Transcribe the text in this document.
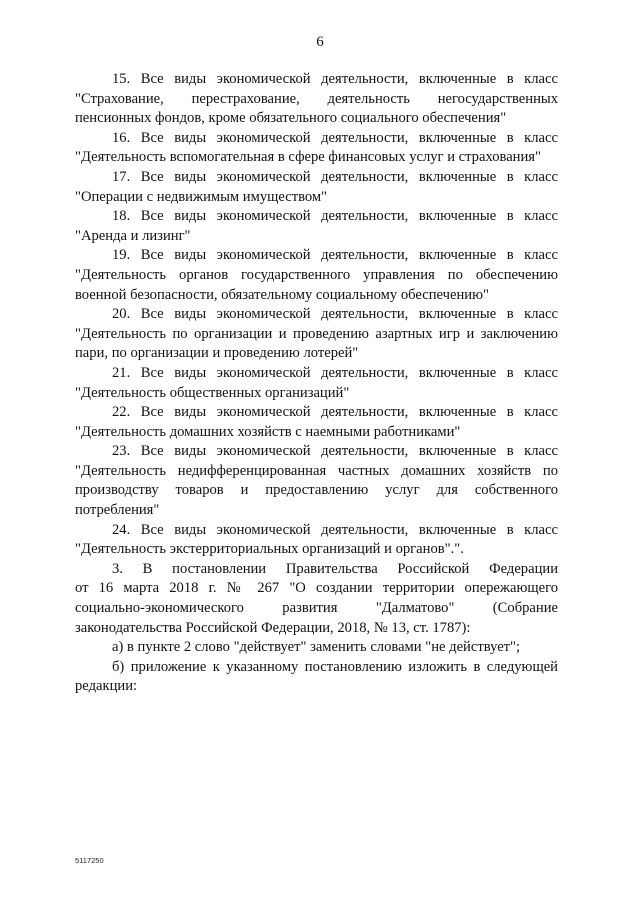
6

15. Все виды экономической деятельности, включенные в класс
"Страхование, перестрахование, деятельность негосударственных пенсионных фондов, кроме обязательного социального обеспечения"

16. Все виды экономической деятельности, включенные в класс
"Деятельность вспомогательная в сфере финансовых услуг и страхования"

17. Все виды экономической деятельности, включенные в класс
"Операции с недвижимым имуществом"

18. Все виды экономической деятельности, включенные в класс
"Аренда и лизинг"

19. Все виды экономической деятельности, включенные в класс
"Деятельность органов государственного управления по обеспечению военной безопасности, обязательному социальному обеспечению"

20. Все виды экономической деятельности, включенные в класс
"Деятельность по организации и проведению азартных игр и заключению пари, по организации и проведению лотерей"

21. Все виды экономической деятельности, включенные в класс
"Деятельность общественных организаций"

22. Все виды экономической деятельности, включенные в класс
"Деятельность домашних хозяйств с наемными работниками"

23. Все виды экономической деятельности, включенные в класс
"Деятельность недифференцированная частных домашних хозяйств по производству товаров и предоставлению услуг для собственного потребления"

24. Все виды экономической деятельности, включенные в класс
"Деятельность экстерриториальных организаций и органов".".

3. В постановлении Правительства Российской Федерации
от 16 марта 2018 г. № 267 "О создании территории опережающего социально-экономического развития "Далматово" (Собрание законодательства Российской Федерации, 2018, № 13, ст. 1787):

а) в пункте 2 слово "действует" заменить словами "не действует";

б) приложение к указанному постановлению изложить в следующей редакции:

5117250
